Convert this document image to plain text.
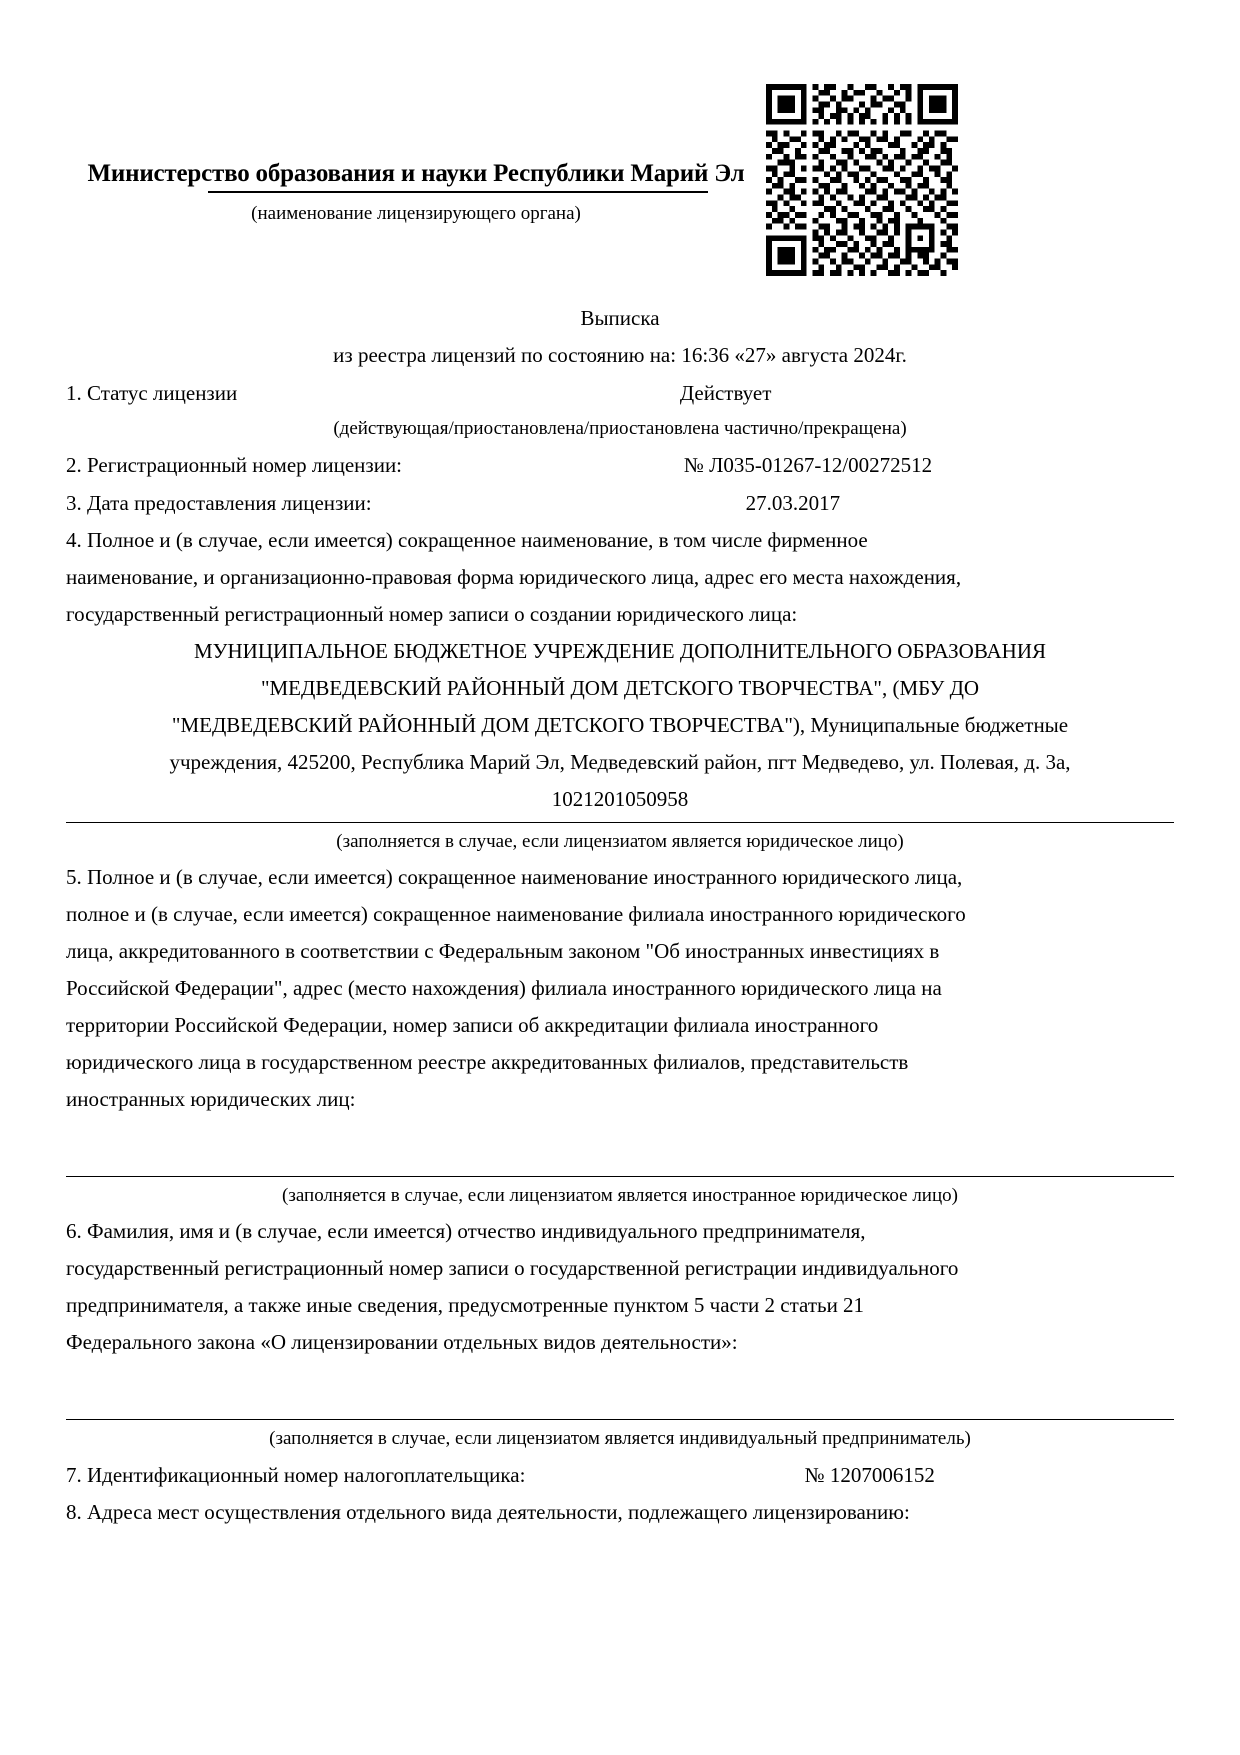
Министерство образования и науки Республики Марий Эл
(наименование лицензирующего органа)
Выписка
из реестра лицензий по состоянию на: 16:36 «27» августа 2024г.
1. Статус лицензии	Действует
(действующая/приостановлена/приостановлена частично/прекращена)
2. Регистрационный номер лицензии:	№ Л035-01267-12/00272512
3. Дата предоставления лицензии:	27.03.2017
4. Полное и (в случае, если имеется) сокращенное наименование, в том числе фирменное
наименование, и организационно-правовая форма юридического лица, адрес его места нахождения,
государственный регистрационный номер записи о создании юридического лица:
МУНИЦИПАЛЬНОЕ БЮДЖЕТНОЕ УЧРЕЖДЕНИЕ ДОПОЛНИТЕЛЬНОГО ОБРАЗОВАНИЯ
"МЕДВЕДЕВСКИЙ РАЙОННЫЙ ДОМ ДЕТСКОГО ТВОРЧЕСТВА", (МБУ ДО
"МЕДВЕДЕВСКИЙ РАЙОННЫЙ ДОМ ДЕТСКОГО ТВОРЧЕСТВА"), Муниципальные бюджетные
учреждения, 425200, Республика Марий Эл, Медведевский район, пгт Медведево, ул. Полевая, д. 3а,
1021201050958
(заполняется в случае, если лицензиатом является юридическое лицо)
5. Полное и (в случае, если имеется) сокращенное наименование иностранного юридического лица,
полное и (в случае, если имеется) сокращенное наименование филиала иностранного юридического
лица, аккредитованного в соответствии с Федеральным законом "Об иностранных инвестициях в
Российской Федерации", адрес (место нахождения) филиала иностранного юридического лица на
территории Российской Федерации, номер записи об аккредитации филиала иностранного
юридического лица в государственном реестре аккредитованных филиалов, представительств
иностранных юридических лиц:
(заполняется в случае, если лицензиатом является иностранное юридическое лицо)
6. Фамилия, имя и (в случае, если имеется) отчество индивидуального предпринимателя,
государственный регистрационный номер записи о государственной регистрации индивидуального
предпринимателя, а также иные сведения, предусмотренные пунктом 5 части 2 статьи 21
Федерального закона «О лицензировании отдельных видов деятельности»:
(заполняется в случае, если лицензиатом является индивидуальный предприниматель)
7. Идентификационный номер налогоплательщика:	№ 1207006152
8. Адреса мест осуществления отдельного вида деятельности, подлежащего лицензированию:
